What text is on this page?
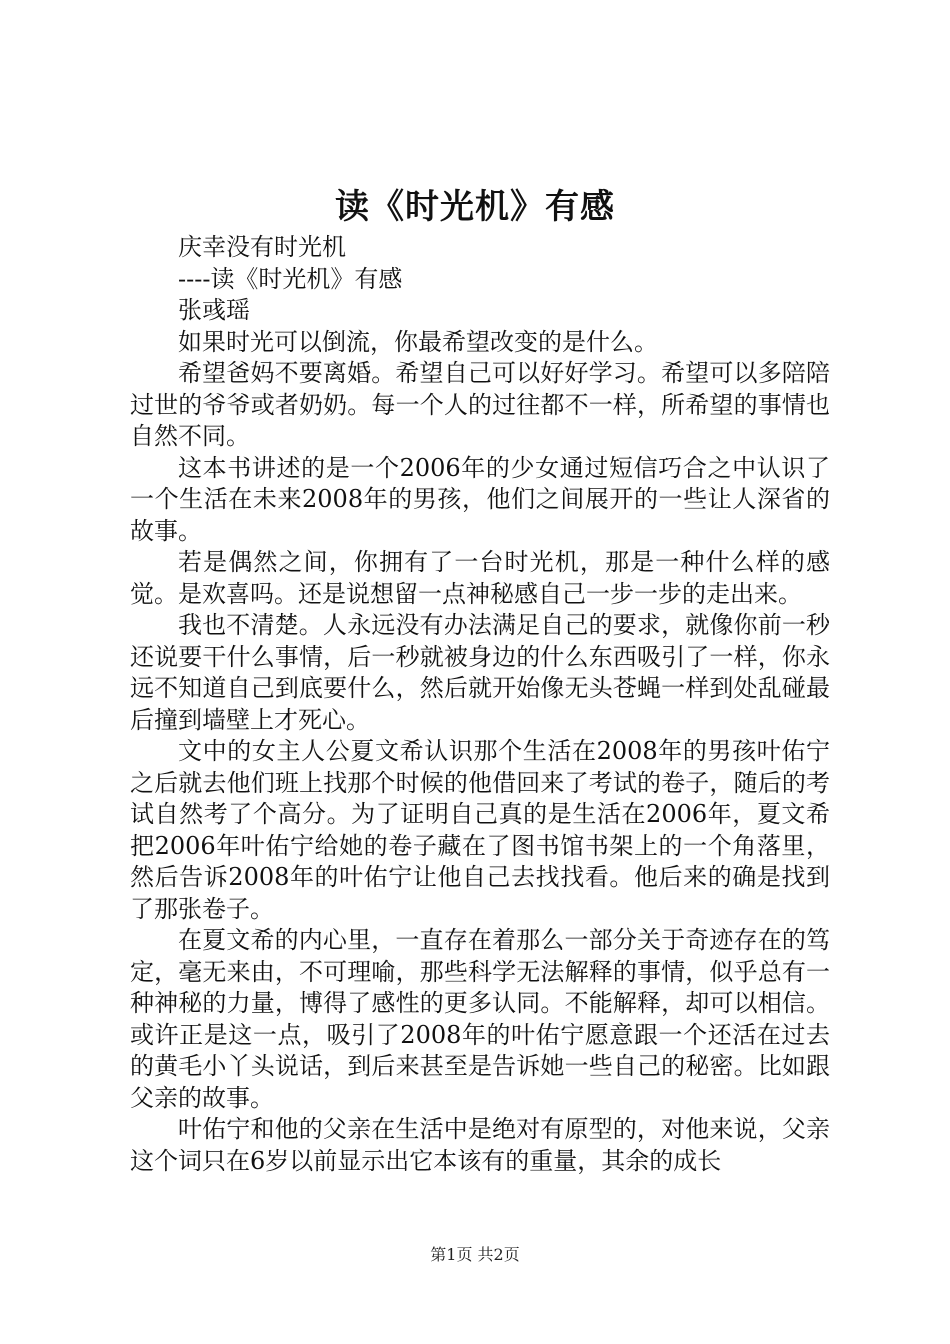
读《时光机》有感

庆幸没有时光机

----读《时光机》有感

张彧瑶

如果时光可以倒流，你最希望改变的是什么。

希望爸妈不要离婚。希望自己可以好好学习。希望可以多陪陪过世的爷爷或者奶奶。每一个人的过往都不一样，所希望的事情也自然不同。

这本书讲述的是一个2006年的少女通过短信巧合之中认识了一个生活在未来2008年的男孩，他们之间展开的一些让人深省的故事。

若是偶然之间，你拥有了一台时光机，那是一种什么样的感觉。是欢喜吗。还是说想留一点神秘感自己一步一步的走出来。

我也不清楚。人永远没有办法满足自己的要求，就像你前一秒还说要干什么事情，后一秒就被身边的什么东西吸引了一样，你永远不知道自己到底要什么，然后就开始像无头苍蝇一样到处乱碰最后撞到墙壁上才死心。

文中的女主人公夏文希认识那个生活在2008年的男孩叶佑宁之后就去他们班上找那个时候的他借回来了考试的卷子，随后的考试自然考了个高分。为了证明自己真的是生活在2006年，夏文希把2006年叶佑宁给她的卷子藏在了图书馆书架上的一个角落里，然后告诉2008年的叶佑宁让他自己去找找看。他后来的确是找到了那张卷子。

在夏文希的内心里，一直存在着那么一部分关于奇迹存在的笃定，毫无来由，不可理喻，那些科学无法解释的事情，似乎总有一种神秘的力量，博得了感性的更多认同。不能解释，却可以相信。或许正是这一点，吸引了2008年的叶佑宁愿意跟一个还活在过去的黄毛小丫头说话，到后来甚至是告诉她一些自己的秘密。比如跟父亲的故事。

叶佑宁和他的父亲在生活中是绝对有原型的，对他来说，父亲这个词只在6岁以前显示出它本该有的重量，其余的成长

第1页 共2页
